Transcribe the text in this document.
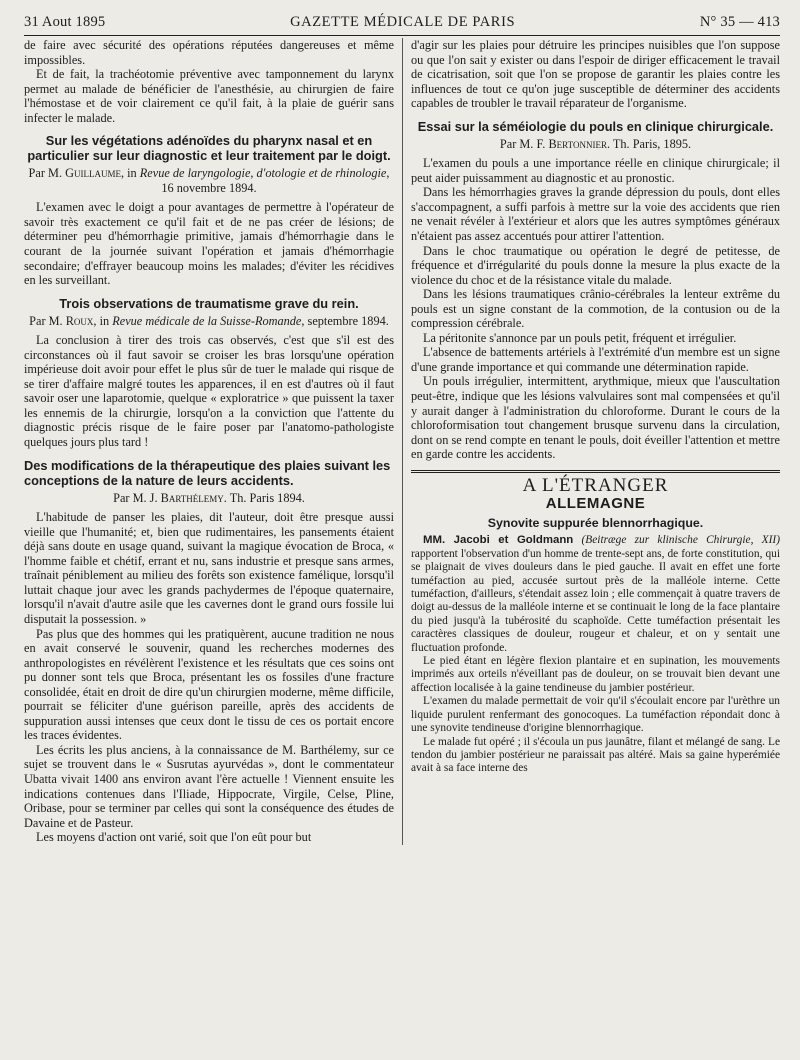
31 Aout 1895	GAZETTE MÉDICALE DE PARIS	N° 35 — 413

de faire avec sécurité des opérations réputées dangereuses et même impossibles.

Et de fait, la trachéotomie préventive avec tamponnement du larynx permet au malade de bénéficier de l'anesthésie, au chirurgien de faire l'hémostase et de voir clairement ce qu'il fait, à la plaie de guérir sans infecter le malade.

Sur les végétations adénoïdes du pharynx nasal et en particulier sur leur diagnostic et leur traitement par le doigt.

Par M. Guillaume, in Revue de laryngologie, d'otologie et de rhinologie, 16 novembre 1894.

L'examen avec le doigt a pour avantages de permettre à l'opérateur de savoir très exactement ce qu'il fait et de ne pas créer de lésions; de déterminer peu d'hémorrhagie primitive, jamais d'hémorrhagie dans le courant de la journée suivant l'opération et jamais d'hémorrhagie secondaire; d'effrayer beaucoup moins les malades; d'éviter les récidives en les surveillant.

Trois observations de traumatisme grave du rein.

Par M. Roux, in Revue médicale de la Suisse-Romande, septembre 1894.

La conclusion à tirer des trois cas observés, c'est que s'il est des circonstances où il faut savoir se croiser les bras lorsqu'une opération impérieuse doit avoir pour effet le plus sûr de tuer le malade qui risque de se tirer d'affaire malgré toutes les apparences, il en est d'autres où il faut savoir oser une laparotomie, quelque « exploratrice » que puissent la taxer les ennemis de la chirurgie, lorsqu'on a la conviction que l'attente du diagnostic précis risque de le faire poser par l'anatomo-pathologiste quelques jours plus tard !

Des modifications de la thérapeutique des plaies suivant les conceptions de la nature de leurs accidents.

Par M. J. Barthélemy. Th. Paris 1894.

L'habitude de panser les plaies, dit l'auteur, doit être presque aussi vieille que l'humanité; et, bien que rudimentaires, les pansements étaient déjà sans doute en usage quand, suivant la magique évocation de Broca, « l'homme faible et chétif, errant et nu, sans industrie et presque sans armes, traînait péniblement au milieu des forêts son existence famélique, lorsqu'il luttait chaque jour avec les grands pachydermes de l'époque quaternaire, lorsqu'il n'avait d'autre asile que les cavernes dont le grand ours fossile lui disputait la possession. »

Pas plus que des hommes qui les pratiquèrent, aucune tradition ne nous en avait conservé le souvenir, quand les recherches modernes des anthropologistes en révélèrent l'existence et les résultats que ces soins ont pu donner sont tels que Broca, présentant les os fossiles d'une fracture consolidée, était en droit de dire qu'un chirurgien moderne, même difficile, pourrait se féliciter d'une guérison pareille, après des accidents de suppuration aussi intenses que ceux dont le tissu de ces os portait encore les traces évidentes.

Les écrits les plus anciens, à la connaissance de M. Barthélemy, sur ce sujet se trouvent dans le « Susrutas ayurvédas », dont le commentateur Ubatta vivait 1400 ans environ avant l'ère actuelle ! Viennent ensuite les indications contenues dans l'Iliade, Hippocrate, Virgile, Celse, Pline, Oribase, pour se terminer par celles qui sont la conséquence des études de Davaine et de Pasteur.

Les moyens d'action ont varié, soit que l'on eût pour but

d'agir sur les plaies pour détruire les principes nuisibles que l'on suppose ou que l'on sait y exister ou dans l'espoir de diriger efficacement le travail de cicatrisation, soit que l'on se propose de garantir les plaies contre les influences de tout ce qu'on juge susceptible de déterminer des accidents capables de troubler le travail réparateur de l'organisme.

Essai sur la séméiologie du pouls en clinique chirurgicale.

Par M. F. Bertonnier. Th. Paris, 1895.

L'examen du pouls a une importance réelle en clinique chirurgicale; il peut aider puissamment au diagnostic et au pronostic.

Dans les hémorrhagies graves la grande dépression du pouls, dont elles s'accompagnent, a suffi parfois à mettre sur la voie des accidents que rien ne venait révéler à l'extérieur et alors que les autres symptômes généraux n'étaient pas assez accentués pour attirer l'attention.

Dans le choc traumatique ou opération le degré de petitesse, de fréquence et d'irrégularité du pouls donne la mesure la plus exacte de la violence du choc et de la résistance vitale du malade.

Dans les lésions traumatiques crânio-cérébrales la lenteur extrême du pouls est un signe constant de la commotion, de la contusion ou de la compression cérébrale.

La péritonite s'annonce par un pouls petit, fréquent et irrégulier.

L'absence de battements artériels à l'extrémité d'un membre est un signe d'une grande importance et qui commande une détermination rapide.

Un pouls irrégulier, intermittent, arythmique, mieux que l'auscultation peut-être, indique que les lésions valvulaires sont mal compensées et qu'il y aurait danger à l'administration du chloroforme. Durant le cours de la chloroformisation tout changement brusque survenu dans la circulation, dont on se rend compte en tenant le pouls, doit éveiller l'attention et mettre en garde contre les accidents.

A L'ÉTRANGER
ALLEMAGNE
Synovite suppurée blennorrhagique.

MM. Jacobi et Goldmann (Beitræge zur klinische Chirurgie, XII) rapportent l'observation d'un homme de trente-sept ans, de forte constitution, qui se plaignait de vives douleurs dans le pied gauche. Il avait en effet une forte tuméfaction au pied, accusée surtout près de la malléole interne. Cette tuméfaction, d'ailleurs, s'étendait assez loin ; elle commençait à quatre travers de doigt au-dessus de la malléole interne et se continuait le long de la face plantaire du pied jusqu'à la tubérosité du scaphoïde. Cette tuméfaction présentait les caractères classiques de douleur, rougeur et chaleur, et on y sentait une fluctuation profonde.

Le pied étant en légère flexion plantaire et en supination, les mouvements imprimés aux orteils n'éveillant pas de douleur, on se trouvait bien devant une affection localisée à la gaine tendineuse du jambier postérieur.

L'examen du malade permettait de voir qu'il s'écoulait encore par l'urèthre un liquide purulent renfermant des gonocoques. La tuméfaction répondait donc à une synovite tendineuse d'origine blennorrhagique.

Le malade fut opéré ; il s'écoula un pus jaunâtre, filant et mélangé de sang. Le tendon du jambier postérieur ne paraissait pas altéré. Mais sa gaine hyperémiée avait à sa face interne des
